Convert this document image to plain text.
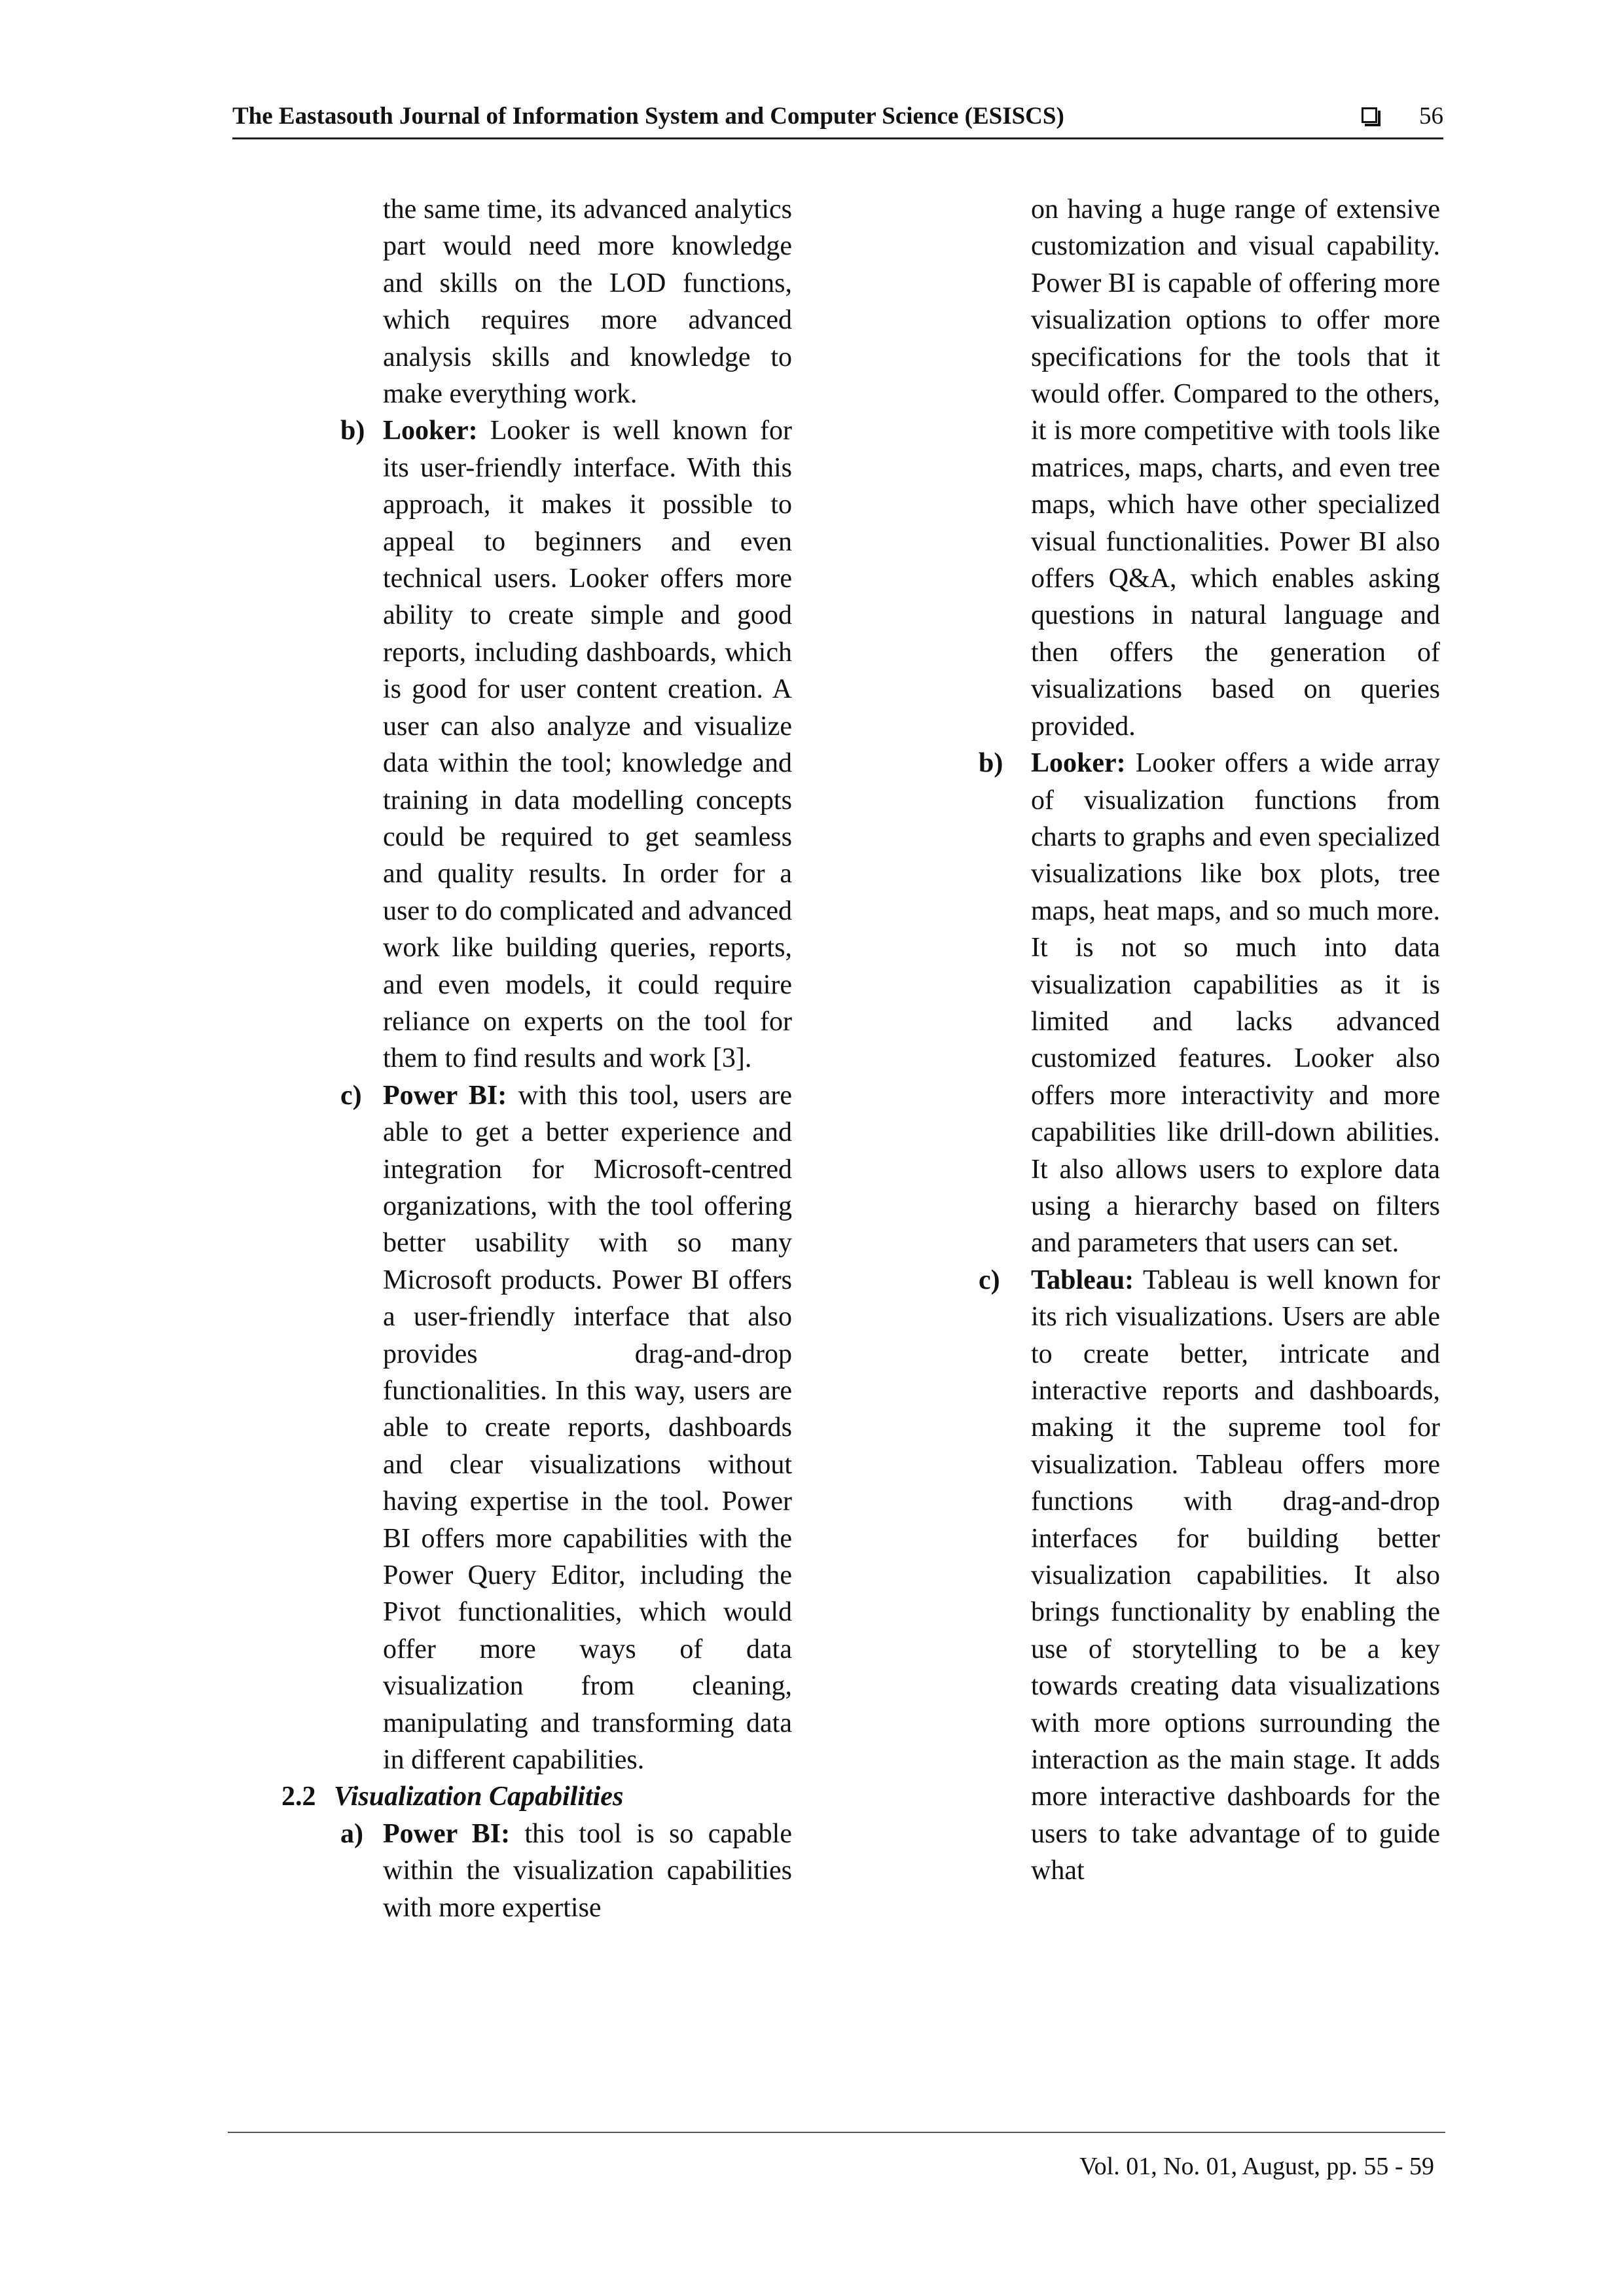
The Eastasouth Journal of Information System and Computer Science (ESISCS)	56

the same time, its advanced analytics part would need more knowledge and skills on the LOD functions, which requires more advanced analysis skills and knowledge to make everything work.

b) Looker: Looker is well known for its user-friendly interface. With this approach, it makes it possible to appeal to beginners and even technical users. Looker offers more ability to create simple and good reports, including dashboards, which is good for user content creation. A user can also analyze and visualize data within the tool; knowledge and training in data modelling concepts could be required to get seamless and quality results. In order for a user to do complicated and advanced work like building queries, reports, and even models, it could require reliance on experts on the tool for them to find results and work [3].

c) Power BI: with this tool, users are able to get a better experience and integration for Microsoft-centred organizations, with the tool offering better usability with so many Microsoft products. Power BI offers a user-friendly interface that also provides drag-and-drop functionalities. In this way, users are able to create reports, dashboards and clear visualizations without having expertise in the tool. Power BI offers more capabilities with the Power Query Editor, including the Pivot functionalities, which would offer more ways of data visualization from cleaning, manipulating and transforming data in different capabilities.

2.2 Visualization Capabilities

a) Power BI: this tool is so capable within the visualization capabilities with more expertise

on having a huge range of extensive customization and visual capability. Power BI is capable of offering more visualization options to offer more specifications for the tools that it would offer. Compared to the others, it is more competitive with tools like matrices, maps, charts, and even tree maps, which have other specialized visual functionalities. Power BI also offers Q&A, which enables asking questions in natural language and then offers the generation of visualizations based on queries provided.

b) Looker: Looker offers a wide array of visualization functions from charts to graphs and even specialized visualizations like box plots, tree maps, heat maps, and so much more. It is not so much into data visualization capabilities as it is limited and lacks advanced customized features. Looker also offers more interactivity and more capabilities like drill-down abilities. It also allows users to explore data using a hierarchy based on filters and parameters that users can set.

c) Tableau: Tableau is well known for its rich visualizations. Users are able to create better, intricate and interactive reports and dashboards, making it the supreme tool for visualization. Tableau offers more functions with drag-and-drop interfaces for building better visualization capabilities. It also brings functionality by enabling the use of storytelling to be a key towards creating data visualizations with more options surrounding the interaction as the main stage. It adds more interactive dashboards for the users to take advantage of to guide what

Vol. 01, No. 01, August, pp. 55 - 59
